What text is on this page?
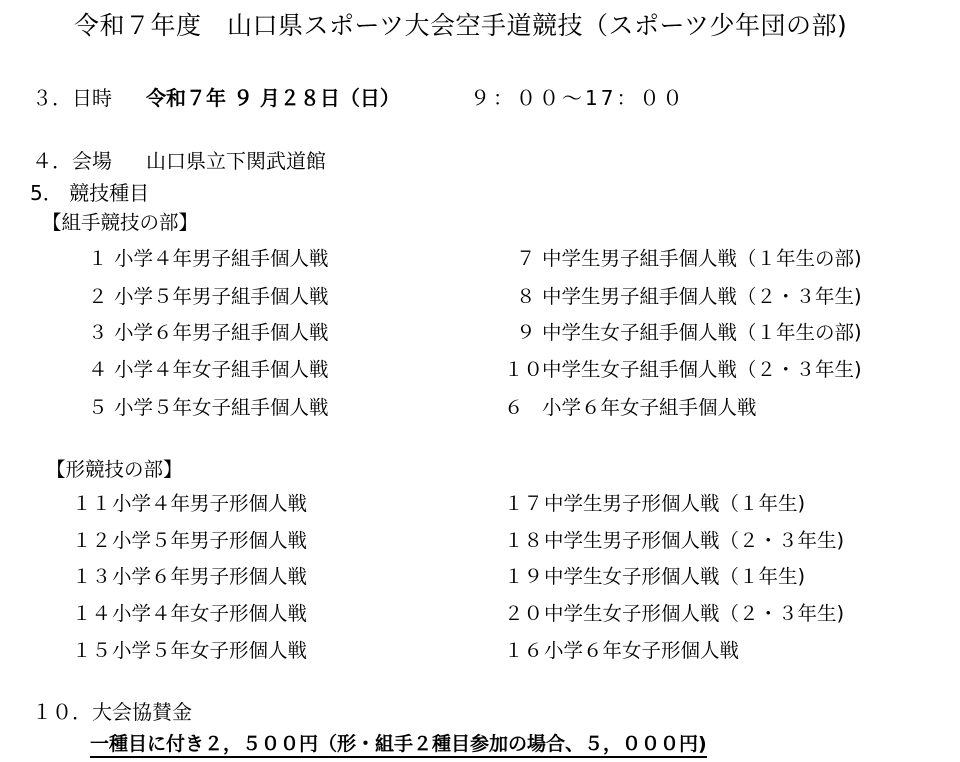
令和７年度　山口県スポーツ大会空手道競技（スポーツ少年団の部)
３．日時 令和７年 ９ 月２８日（日）	９：００～17：００
４．会場 山口県立下関武道館
5． 競技種目
【組手競技の部】
１ 小学４年男子組手個人戦
２ 小学５年男子組手個人戦
３ 小学６年男子組手個人戦
４ 小学４年女子組手個人戦
５ 小学５年女子組手個人戦
７ 中学生男子組手個人戦（１年生の部)
８ 中学生男子組手個人戦（２・３年生)
９ 中学生女子組手個人戦（１年生の部)
１０中学生女子組手個人戦（２・３年生)
６ 小学６年女子組手個人戦
【形競技の部】
１１小学４年男子形個人戦
１２小学５年男子形個人戦
１３小学６年男子形個人戦
１４小学４年女子形個人戦
１５小学５年女子形個人戦
１７中学生男子形個人戦（１年生)
１８中学生男子形個人戦（２・３年生)
１９中学生女子形個人戦（１年生)
２０中学生女子形個人戦（２・３年生)
１６小学６年女子形個人戦
１０．大会協賛金
一種目に付き２，５００円（形・組手２種目参加の場合、５，０００円)
